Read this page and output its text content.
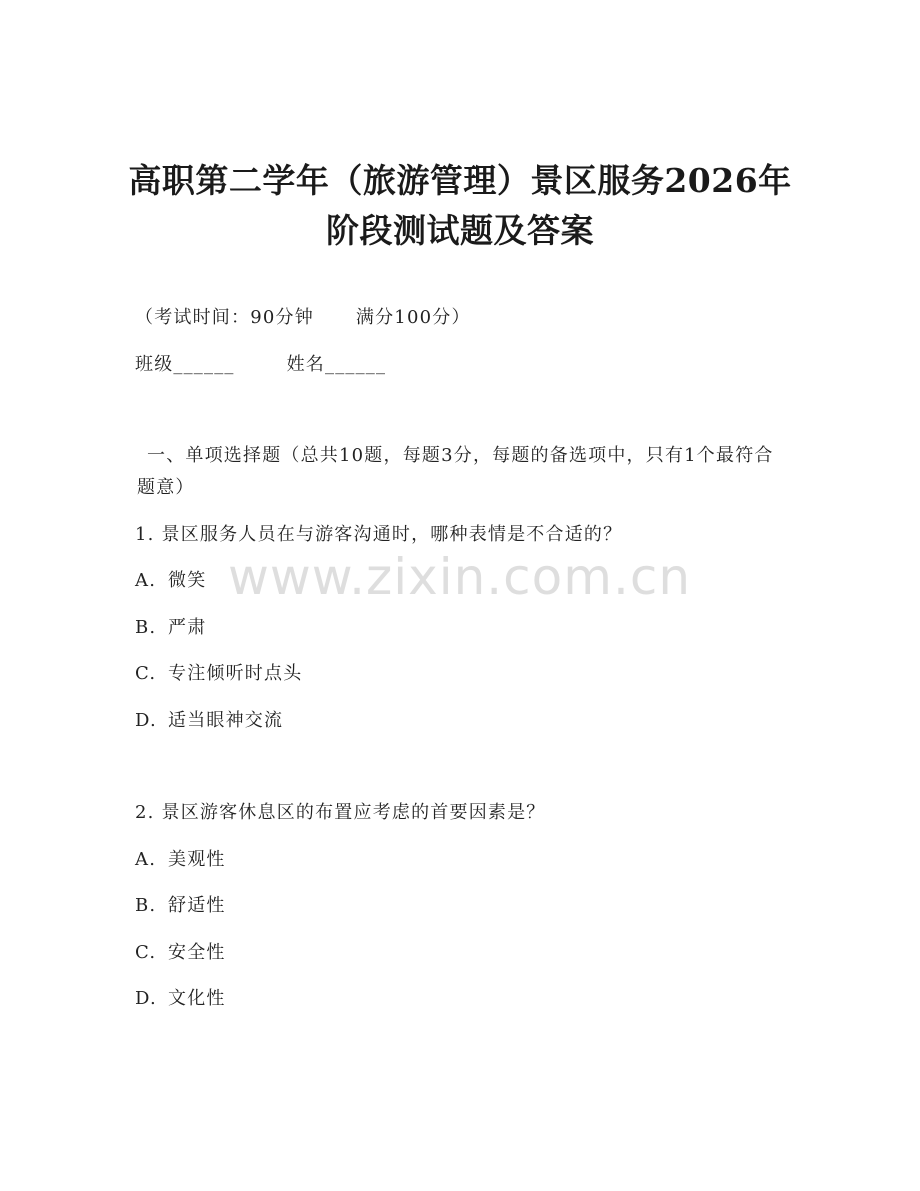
高职第二学年（旅游管理）景区服务2026年
阶段测试题及答案
（考试时间：90分钟 满分100分）
班级______	姓名______
一、单项选择题（总共10题，每题3分，每题的备选项中，只有1个最符合题意）
1. 景区服务人员在与游客沟通时，哪种表情是不合适的？
A. 微笑
B. 严肃
C. 专注倾听时点头
D. 适当眼神交流
2. 景区游客休息区的布置应考虑的首要因素是？
A. 美观性
B. 舒适性
C. 安全性
D. 文化性
www.zixin.com.cn
